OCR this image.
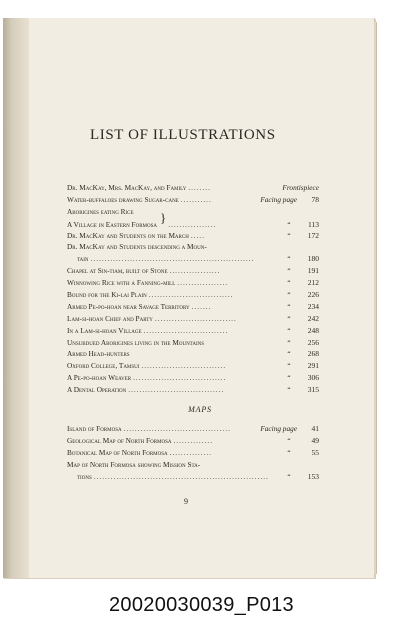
LIST OF ILLUSTRATIONS
Dr. MacKay, Mrs. MacKay, and Family ........	Frontispiece
Water-buffaloes drawing Sugar-cane ...........	Facing page	78
Aborigines eating Rice
A Village in Eastern Formosa } .................	“	113
Dr. MacKay and Students on the March .....	“	172
Dr. MacKay and Students descending a Moun-
tain ..........................................................	“	180
Chapel at Sin-tiam, built of Stone ..................	“	191
Winnowing Rice with a Fanning-mill ..................	“	212
Bound for the Ki-lai Plain ..............................	“	226
Armed Pe-po-hoan near Savage Territory .......	“	234
Lam-si-hoan Chief and Party .............................	“	242
In a Lam-si-hoan Village ..............................	“	248
Unsubdued Aborigines living in the Mountains	“	256
Armed Head-hunters	“	268
Oxford College, Tamsui ..............................	“	291
A Pe-po-hoan Weaver .................................	“	306
A Dental Operation ..................................	“	315

MAPS

Island of Formosa ......................................	Facing page	41
Geological Map of North Formosa ..............	“	49
Botanical Map of North Formosa ...............	“	55
Map of North Formosa showing Mission Sta-
tions ..............................................................	“	153

9

20020030039_P013
